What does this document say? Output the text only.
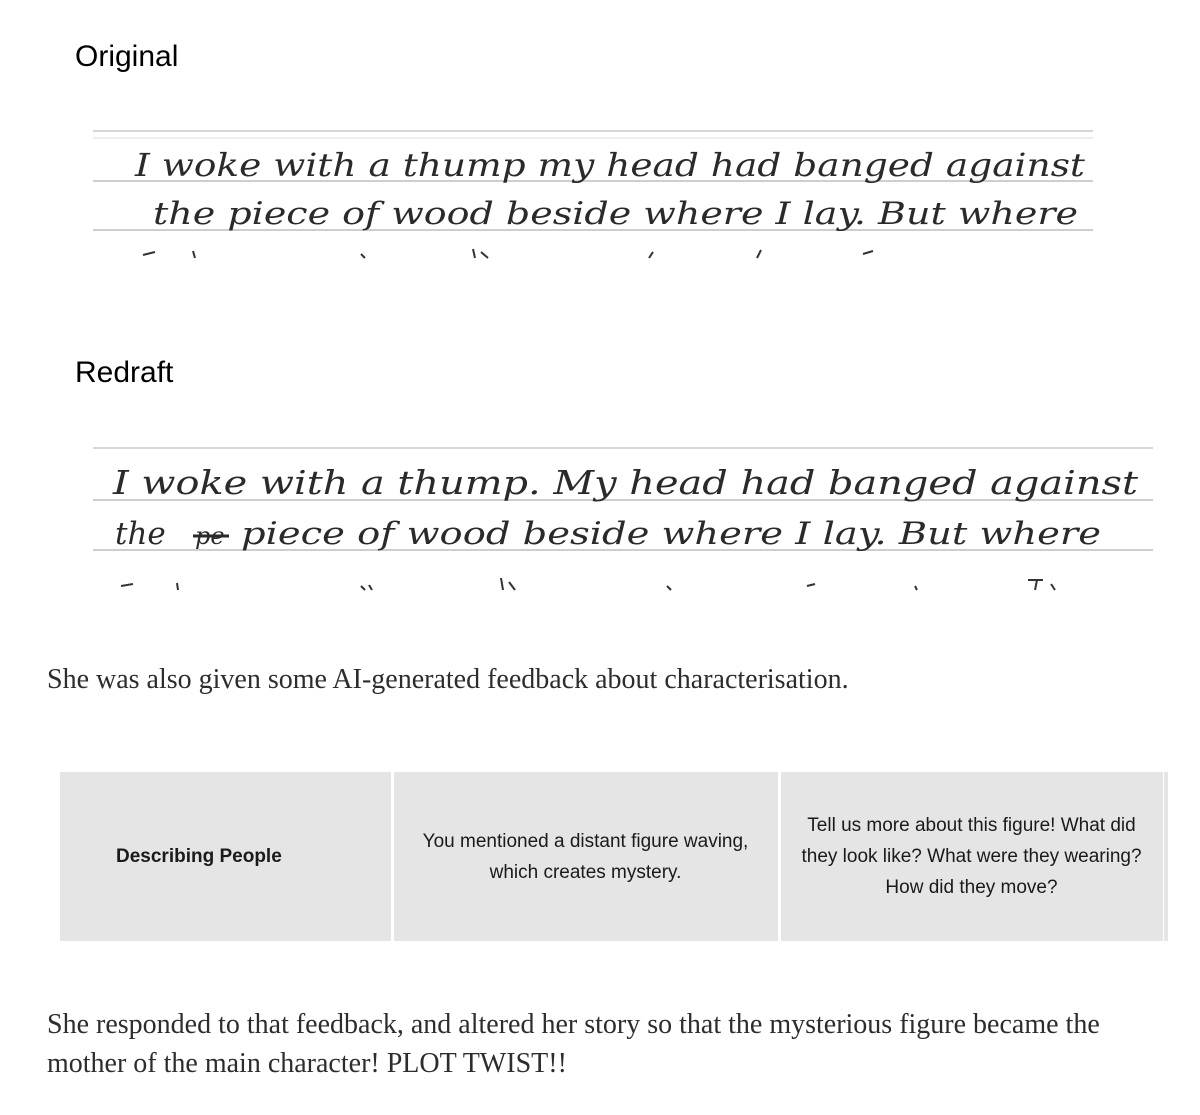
Original
I woke with a thump my head had banged against
the piece of wood beside where I lay. But where
Redraft
I woke with a thump. My head had banged against
the pe piece of wood beside where I lay. But where

She was also given some AI-generated feedback about characterisation.

Describing People	You mentioned a distant figure waving, which creates mystery.	Tell us more about this figure! What did they look like? What were they wearing? How did they move?

She responded to that feedback, and altered her story so that the mysterious figure became the mother of the main character! PLOT TWIST!!
